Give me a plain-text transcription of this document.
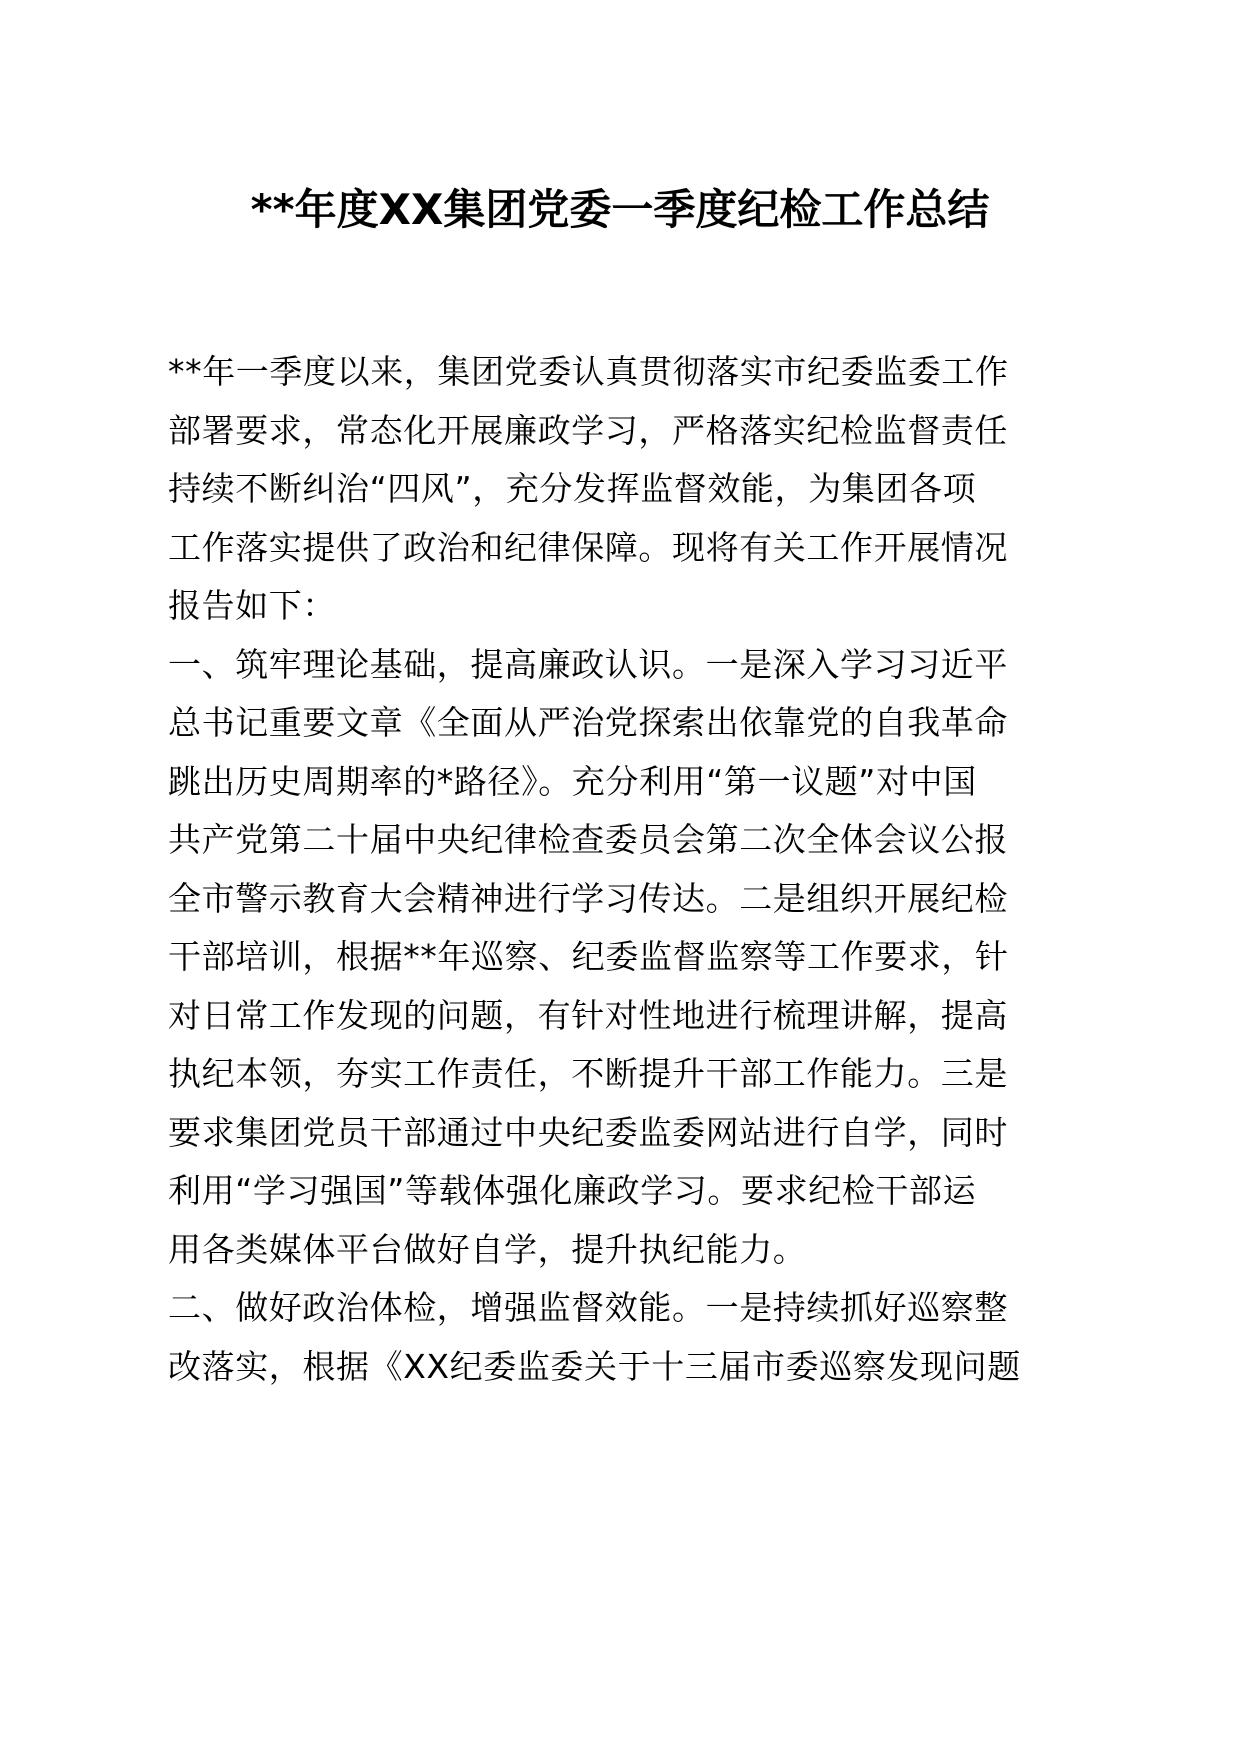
**年度XX集团党委一季度纪检工作总结
**年一季度以来，集团党委认真贯彻落实市纪委监委工作
部署要求，常态化开展廉政学习，严格落实纪检监督责任
持续不断纠治“四风”，充分发挥监督效能，为集团各项
工作落实提供了政治和纪律保障。现将有关工作开展情况
报告如下：
一、筑牢理论基础，提高廉政认识。一是深入学习习近平
总书记重要文章《全面从严治党探索出依靠党的自我革命
跳出历史周期率的*路径》。充分利用“第一议题”对中国
共产党第二十届中央纪律检查委员会第二次全体会议公报
全市警示教育大会精神进行学习传达。二是组织开展纪检
干部培训，根据**年巡察、纪委监督监察等工作要求，针
对日常工作发现的问题，有针对性地进行梳理讲解，提高
执纪本领，夯实工作责任，不断提升干部工作能力。三是
要求集团党员干部通过中央纪委监委网站进行自学，同时
利用“学习强国”等载体强化廉政学习。要求纪检干部运
用各类媒体平台做好自学，提升执纪能力。
二、做好政治体检，增强监督效能。一是持续抓好巡察整
改落实，根据《XX纪委监委关于十三届市委巡察发现问题
